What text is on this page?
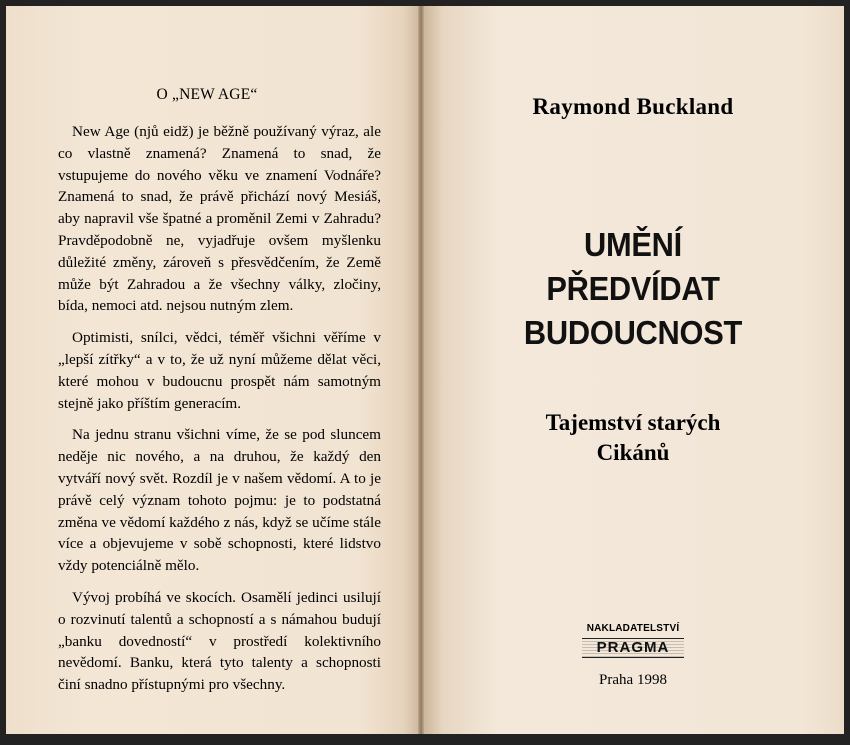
O „NEW AGE“

New Age (njů eidž) je běžně používaný výraz, ale co vlastně znamená? Znamená to snad, že vstupujeme do nového věku ve znamení Vodnáře? Znamená to snad, že právě přichází nový Mesiáš, aby napravil vše špatné a proměnil Zemi v Zahradu? Pravděpodobně ne, vyjadřuje ovšem myšlenku důležité změny, zároveň s přesvědčením, že Země může být Zahradou a že všechny války, zločiny, bída, nemoci atd. nejsou nutným zlem.

Optimisti, snílci, vědci, téměř všichni věříme v „lepší zítřky“ a v to, že už nyní můžeme dělat věci, které mohou v budoucnu prospět nám samotným stejně jako příštím generacím.

Na jednu stranu všichni víme, že se pod sluncem neděje nic nového, a na druhou, že každý den vytváří nový svět. Rozdíl je v našem vědomí. A to je právě celý význam tohoto pojmu: je to podstatná změna ve vědomí každého z nás, když se učíme stále více a objevujeme v sobě schopnosti, které lidstvo vždy potenciálně mělo.

Vývoj probíhá ve skocích. Osamělí jedinci usilují o rozvinutí talentů a schopností a s námahou budují „banku dovedností“ v prostředí kolektivního nevědomí. Banku, která tyto talenty a schopnosti činí snadno přístupnými pro všechny.

Raymond Buckland
UMĚNÍ
PŘEDVÍDAT
BUDOUCNOST
Tajemství starých
Cikánů
NAKLADATELSTVÍ
PRAGMA
Praha 1998
